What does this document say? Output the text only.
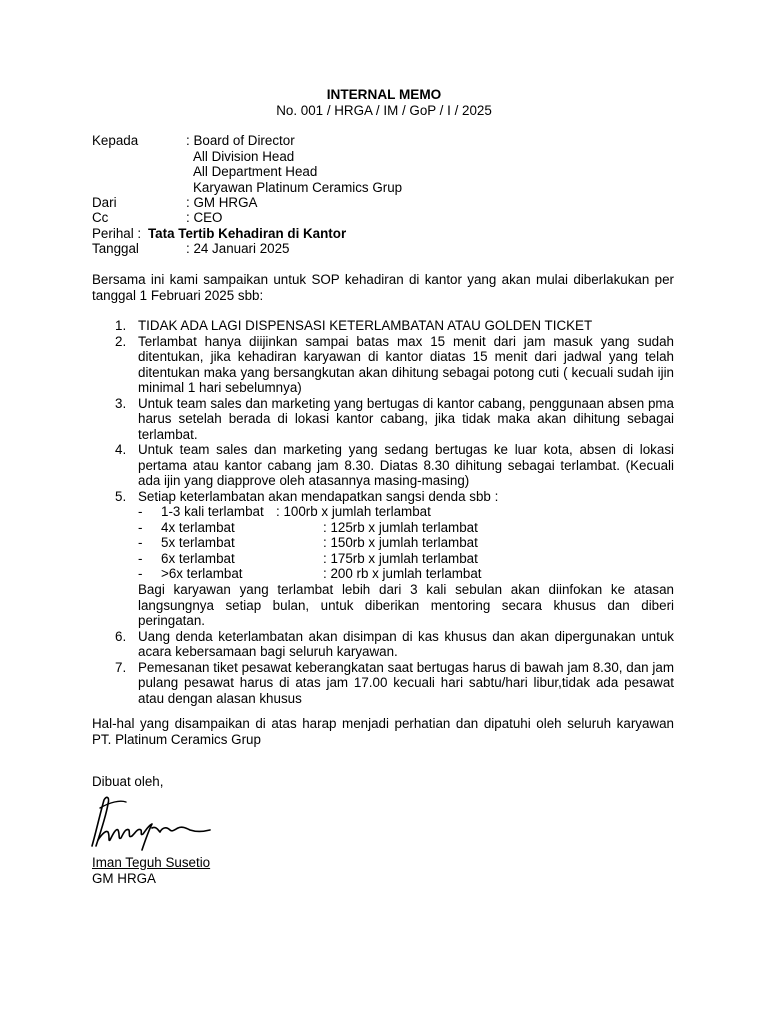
INTERNAL MEMO
No. 001 / HRGA / IM / GoP / I / 2025
Kepada	: Board of Director
All Division Head
All Department Head
Karyawan Platinum Ceramics Grup
Dari	: GM HRGA
Cc	: CEO
Perihal : Tata Tertib Kehadiran di Kantor
Tanggal	: 24 Januari 2025
Bersama ini kami sampaikan untuk SOP kehadiran di kantor yang akan mulai diberlakukan per tanggal 1 Februari 2025 sbb:
1. TIDAK ADA LAGI DISPENSASI KETERLAMBATAN ATAU GOLDEN TICKET
2. Terlambat hanya diijinkan sampai batas max 15 menit dari jam masuk yang sudah ditentukan, jika kehadiran karyawan di kantor diatas 15 menit dari jadwal yang telah ditentukan maka yang bersangkutan akan dihitung sebagai potong cuti ( kecuali sudah ijin minimal 1 hari sebelumnya)
3. Untuk team sales dan marketing yang bertugas di kantor cabang, penggunaan absen pma harus setelah berada di lokasi kantor cabang, jika tidak maka akan dihitung sebagai terlambat.
4. Untuk team sales dan marketing yang sedang bertugas ke luar kota, absen di lokasi pertama atau kantor cabang jam 8.30. Diatas 8.30 dihitung sebagai terlambat. (Kecuali ada ijin yang diapprove oleh atasannya masing-masing)
5. Setiap keterlambatan akan mendapatkan sangsi denda sbb :
- 1-3 kali terlambat : 100rb x jumlah terlambat
- 4x terlambat	: 125rb x jumlah terlambat
- 5x terlambat	: 150rb x jumlah terlambat
- 6x terlambat	: 175rb x jumlah terlambat
- >6x terlambat	: 200 rb x jumlah terlambat
Bagi karyawan yang terlambat lebih dari 3 kali sebulan akan diinfokan ke atasan langsungnya setiap bulan, untuk diberikan mentoring secara khusus dan diberi peringatan.
6. Uang denda keterlambatan akan disimpan di kas khusus dan akan dipergunakan untuk acara kebersamaan bagi seluruh karyawan.
7. Pemesanan tiket pesawat keberangkatan saat bertugas harus di bawah jam 8.30, dan jam pulang pesawat harus di atas jam 17.00 kecuali hari sabtu/hari libur,tidak ada pesawat atau dengan alasan khusus
Hal-hal yang disampaikan di atas harap menjadi perhatian dan dipatuhi oleh seluruh karyawan PT. Platinum Ceramics Grup
Dibuat oleh,
Iman Teguh Susetio
GM HRGA
